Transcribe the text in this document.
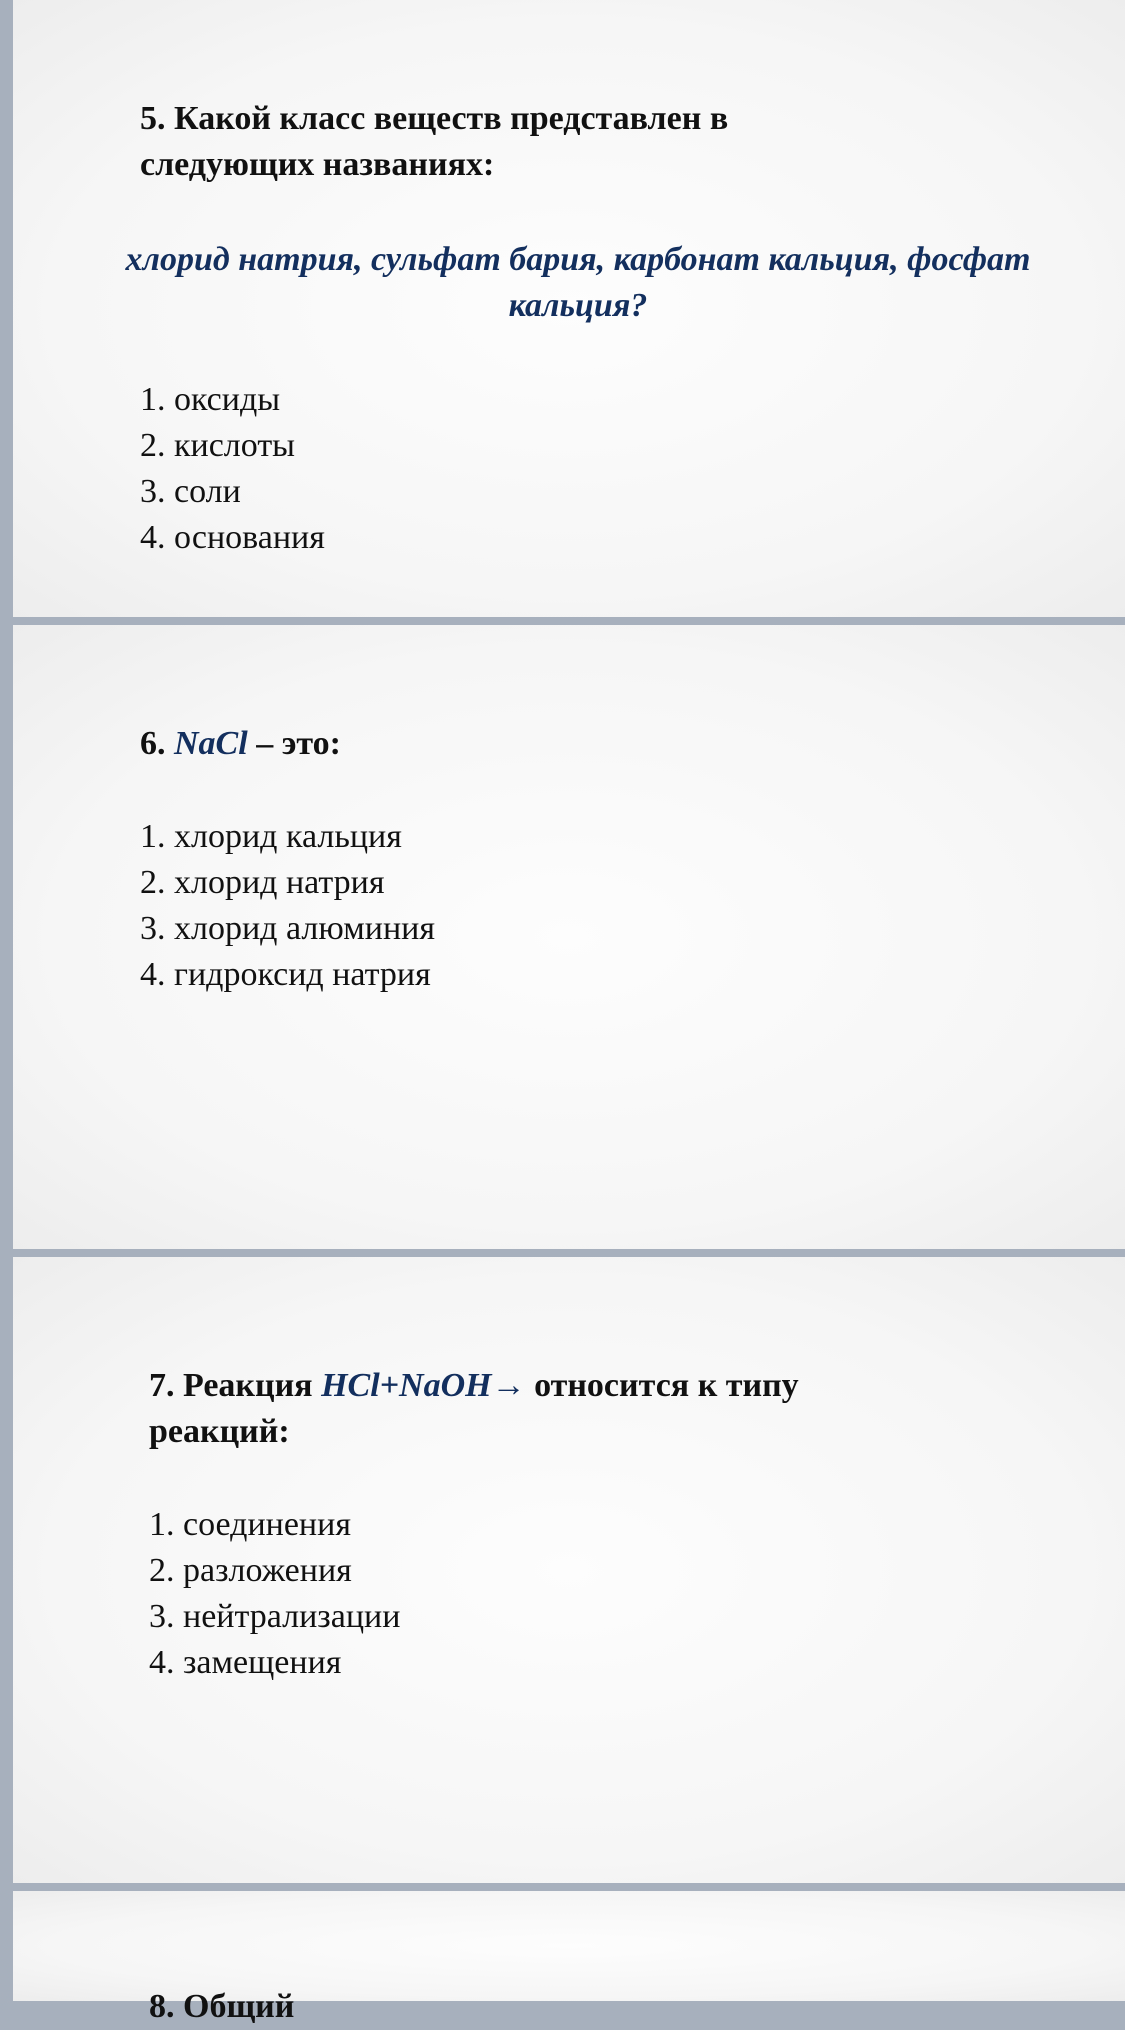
5. Какой класс веществ представлен в следующих названиях:

хлорид натрия, сульфат бария, карбонат кальция, фосфат кальция?
1. оксиды
2. кислоты
3. соли
4. основания

6. NaCl – это:

1. хлорид кальция
2. хлорид натрия
3. хлорид алюминия
4. гидроксид натрия

7. Реакция HCl+NaOH→ относится к типу реакций:

1. соединения
2. разложения
3. нейтрализации
4. замещения

8. Общий
